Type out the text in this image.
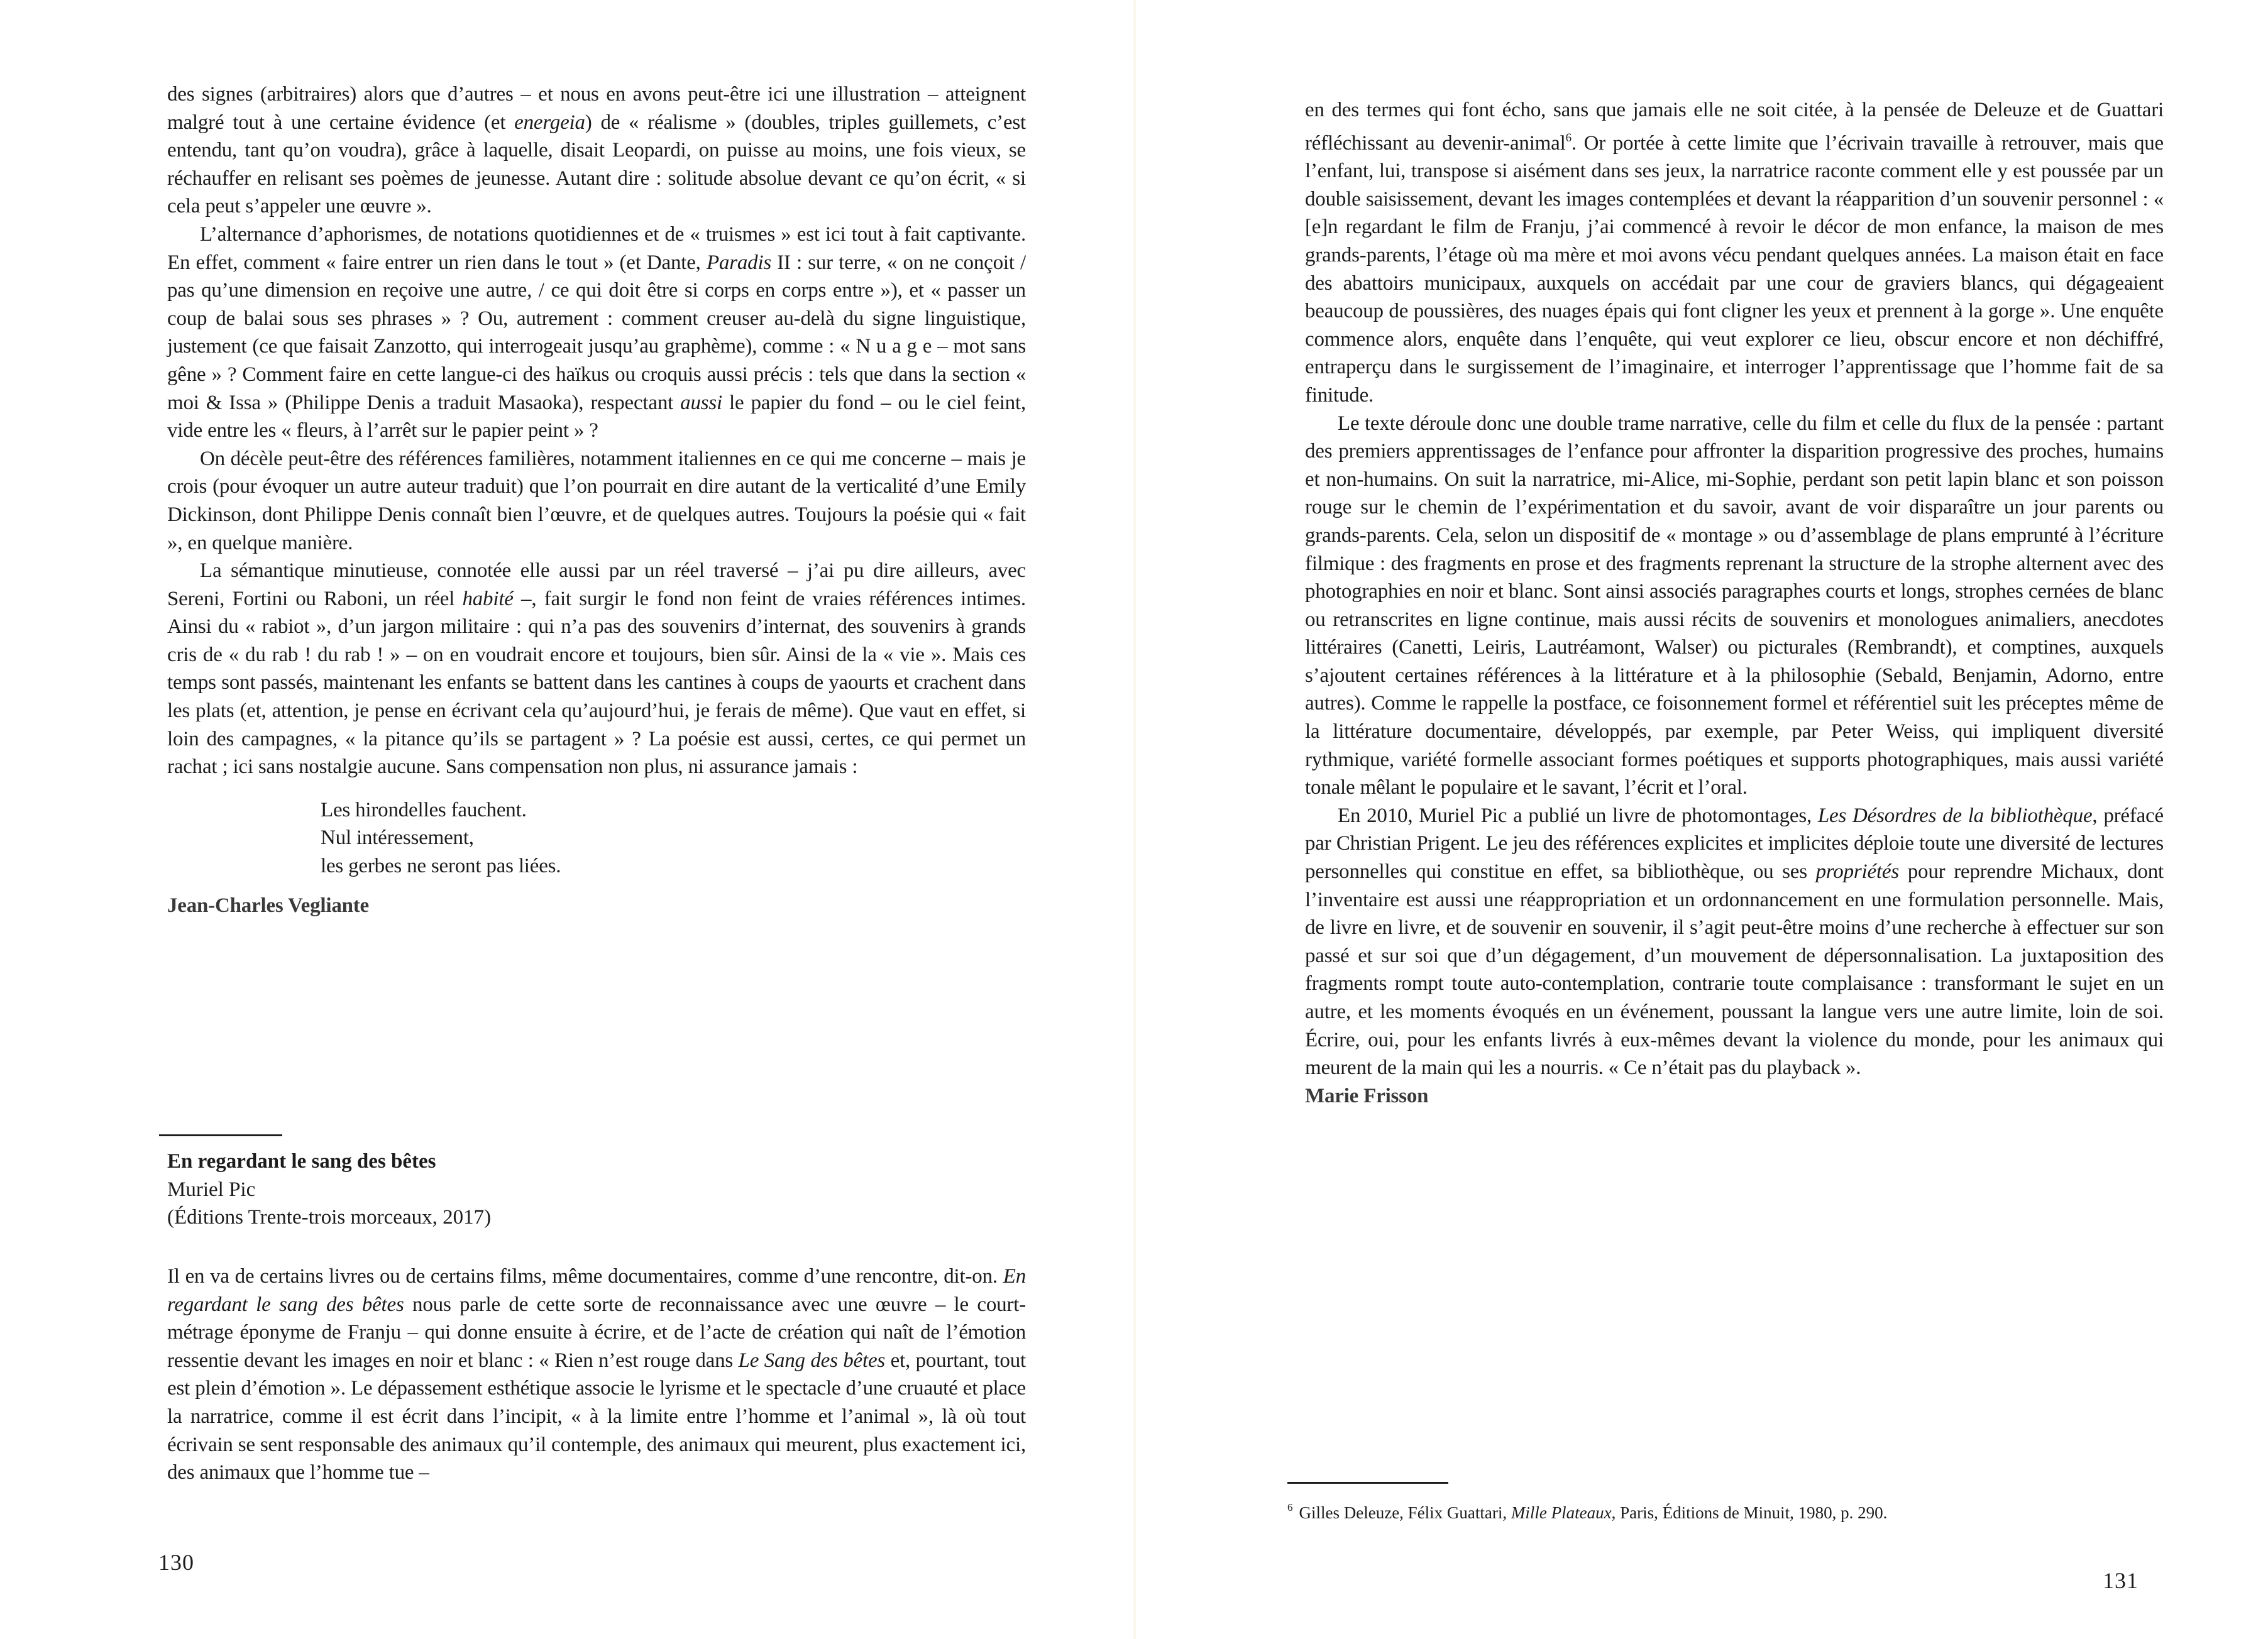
des signes (arbitraires) alors que d’autres – et nous en avons peut-être ici une illustration – atteignent malgré tout à une certaine évidence (et energeia) de « réalisme » (doubles, triples guillemets, c’est entendu, tant qu’on voudra), grâce à laquelle, disait Leopardi, on puisse au moins, une fois vieux, se réchauffer en relisant ses poèmes de jeunesse. Autant dire : solitude absolue devant ce qu’on écrit, « si cela peut s’appeler une œuvre ».

L’alternance d’aphorismes, de notations quotidiennes et de « truismes » est ici tout à fait captivante. En effet, comment « faire entrer un rien dans le tout » (et Dante, Paradis II : sur terre, « on ne conçoit / pas qu’une dimension en reçoive une autre, / ce qui doit être si corps en corps entre »), et « passer un coup de balai sous ses phrases » ? Ou, autrement : comment creuser au-delà du signe linguistique, justement (ce que faisait Zanzotto, qui interrogeait jusqu’au graphème), comme : « N u a g e – mot sans gêne » ? Comment faire en cette langue-ci des haïkus ou croquis aussi précis : tels que dans la section « moi & Issa » (Philippe Denis a traduit Masaoka), respectant aussi le papier du fond – ou le ciel feint, vide entre les « fleurs, à l’arrêt sur le papier peint » ?

On décèle peut-être des références familières, notamment italiennes en ce qui me concerne – mais je crois (pour évoquer un autre auteur traduit) que l’on pourrait en dire autant de la verticalité d’une Emily Dickinson, dont Philippe Denis connaît bien l’œuvre, et de quelques autres. Toujours la poésie qui « fait », en quelque manière.

La sémantique minutieuse, connotée elle aussi par un réel traversé – j’ai pu dire ailleurs, avec Sereni, Fortini ou Raboni, un réel habité –, fait surgir le fond non feint de vraies références intimes. Ainsi du « rabiot », d’un jargon militaire : qui n’a pas des souvenirs d’internat, des souvenirs à grands cris de « du rab ! du rab ! » – on en voudrait encore et toujours, bien sûr. Ainsi de la « vie ». Mais ces temps sont passés, maintenant les enfants se battent dans les cantines à coups de yaourts et crachent dans les plats (et, attention, je pense en écrivant cela qu’aujourd’hui, je ferais de même). Que vaut en effet, si loin des campagnes, « la pitance qu’ils se partagent » ? La poésie est aussi, certes, ce qui permet un rachat ; ici sans nostalgie aucune. Sans compensation non plus, ni assurance jamais :

Les hirondelles fauchent.
Nul intéressement,
les gerbes ne seront pas liées.
Jean-Charles Vegliante
En regardant le sang des bêtes
Muriel Pic
(Éditions Trente-trois morceaux, 2017)

Il en va de certains livres ou de certains films, même documentaires, comme d’une rencontre, dit-on. En regardant le sang des bêtes nous parle de cette sorte de reconnaissance avec une œuvre – le court-métrage éponyme de Franju – qui donne ensuite à écrire, et de l’acte de création qui naît de l’émotion ressentie devant les images en noir et blanc : « Rien n’est rouge dans Le Sang des bêtes et, pourtant, tout est plein d’émotion ». Le dépassement esthétique associe le lyrisme et le spectacle d’une cruauté et place la narratrice, comme il est écrit dans l’incipit, « à la limite entre l’homme et l’animal », là où tout écrivain se sent responsable des animaux qu’il contemple, des animaux qui meurent, plus exactement ici, des animaux que l’homme tue –

130

en des termes qui font écho, sans que jamais elle ne soit citée, à la pensée de Deleuze et de Guattari réfléchissant au devenir-animal$^6$. Or portée à cette limite que l’écrivain travaille à retrouver, mais que l’enfant, lui, transpose si aisément dans ses jeux, la narratrice raconte comment elle y est poussée par un double saisissement, devant les images contemplées et devant la réapparition d’un souvenir personnel : « [e]n regardant le film de Franju, j’ai commencé à revoir le décor de mon enfance, la maison de mes grands-parents, l’étage où ma mère et moi avons vécu pendant quelques années. La maison était en face des abattoirs municipaux, auxquels on accédait par une cour de graviers blancs, qui dégageaient beaucoup de poussières, des nuages épais qui font cligner les yeux et prennent à la gorge ». Une enquête commence alors, enquête dans l’enquête, qui veut explorer ce lieu, obscur encore et non déchiffré, entraperçu dans le surgissement de l’imaginaire, et interroger l’apprentissage que l’homme fait de sa finitude.

Le texte déroule donc une double trame narrative, celle du film et celle du flux de la pensée : partant des premiers apprentissages de l’enfance pour affronter la disparition progressive des proches, humains et non-humains. On suit la narratrice, mi-Alice, mi-Sophie, perdant son petit lapin blanc et son poisson rouge sur le chemin de l’expérimentation et du savoir, avant de voir disparaître un jour parents ou grands-parents. Cela, selon un dispositif de « montage » ou d’assemblage de plans emprunté à l’écriture filmique : des fragments en prose et des fragments reprenant la structure de la strophe alternent avec des photographies en noir et blanc. Sont ainsi associés paragraphes courts et longs, strophes cernées de blanc ou retranscrites en ligne continue, mais aussi récits de souvenirs et monologues animaliers, anecdotes littéraires (Canetti, Leiris, Lautréamont, Walser) ou picturales (Rembrandt), et comptines, auxquels s’ajoutent certaines références à la littérature et à la philosophie (Sebald, Benjamin, Adorno, entre autres). Comme le rappelle la postface, ce foisonnement formel et référentiel suit les préceptes même de la littérature documentaire, développés, par exemple, par Peter Weiss, qui impliquent diversité rythmique, variété formelle associant formes poétiques et supports photographiques, mais aussi variété tonale mêlant le populaire et le savant, l’écrit et l’oral.

En 2010, Muriel Pic a publié un livre de photomontages, Les Désordres de la bibliothèque, préfacé par Christian Prigent. Le jeu des références explicites et implicites déploie toute une diversité de lectures personnelles qui constitue en effet, sa bibliothèque, ou ses propriétés pour reprendre Michaux, dont l’inventaire est aussi une réappropriation et un ordonnancement en une formulation personnelle. Mais, de livre en livre, et de souvenir en souvenir, il s’agit peut-être moins d’une recherche à effectuer sur son passé et sur soi que d’un dégagement, d’un mouvement de dépersonnalisation. La juxtaposition des fragments rompt toute auto-contemplation, contrarie toute complaisance : transformant le sujet en un autre, et les moments évoqués en un événement, poussant la langue vers une autre limite, loin de soi. Écrire, oui, pour les enfants livrés à eux-mêmes devant la violence du monde, pour les animaux qui meurent de la main qui les a nourris. « Ce n’était pas du playback ».

Marie Frisson
$^6$ Gilles Deleuze, Félix Guattari, Mille Plateaux, Paris, Éditions de Minuit, 1980, p. 290.
131
